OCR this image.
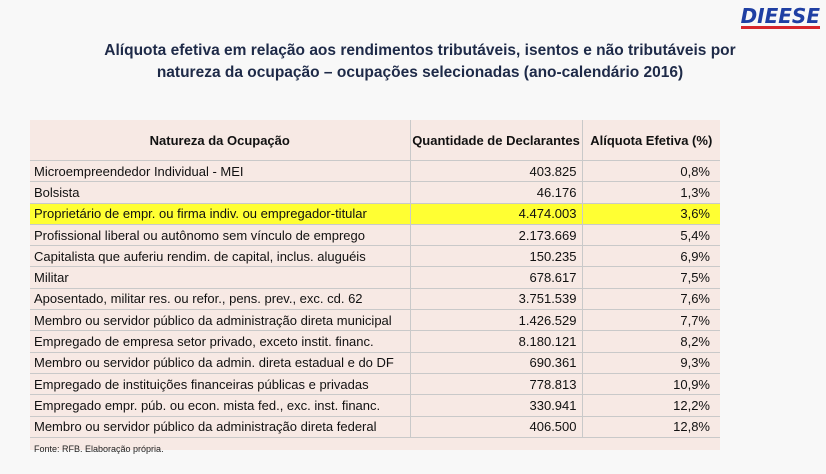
DIEESE
Alíquota efetiva em relação aos rendimentos tributáveis, isentos e não tributáveis por
natureza da ocupação – ocupações selecionadas (ano-calendário 2016)
Natureza da Ocupação	Quantidade de Declarantes	Alíquota Efetiva (%)
Microempreendedor Individual - MEI	403.825	0,8%
Bolsista	46.176	1,3%
Proprietário de empr. ou firma indiv. ou empregador-titular	4.474.003	3,6%
Profissional liberal ou autônomo sem vínculo de emprego	2.173.669	5,4%
Capitalista que auferiu rendim. de capital, inclus. aluguéis	150.235	6,9%
Militar	678.617	7,5%
Aposentado, militar res. ou refor., pens. prev., exc. cd. 62	3.751.539	7,6%
Membro ou servidor público da administração direta municipal	1.426.529	7,7%
Empregado de empresa setor privado, exceto instit. financ.	8.180.121	8,2%
Membro ou servidor público da admin. direta estadual e do DF	690.361	9,3%
Empregado de instituições financeiras públicas e privadas	778.813	10,9%
Empregado empr. púb. ou econ. mista fed., exc. inst. financ.	330.941	12,2%
Membro ou servidor público da administração direta federal	406.500	12,8%
Fonte: RFB. Elaboração própria.
